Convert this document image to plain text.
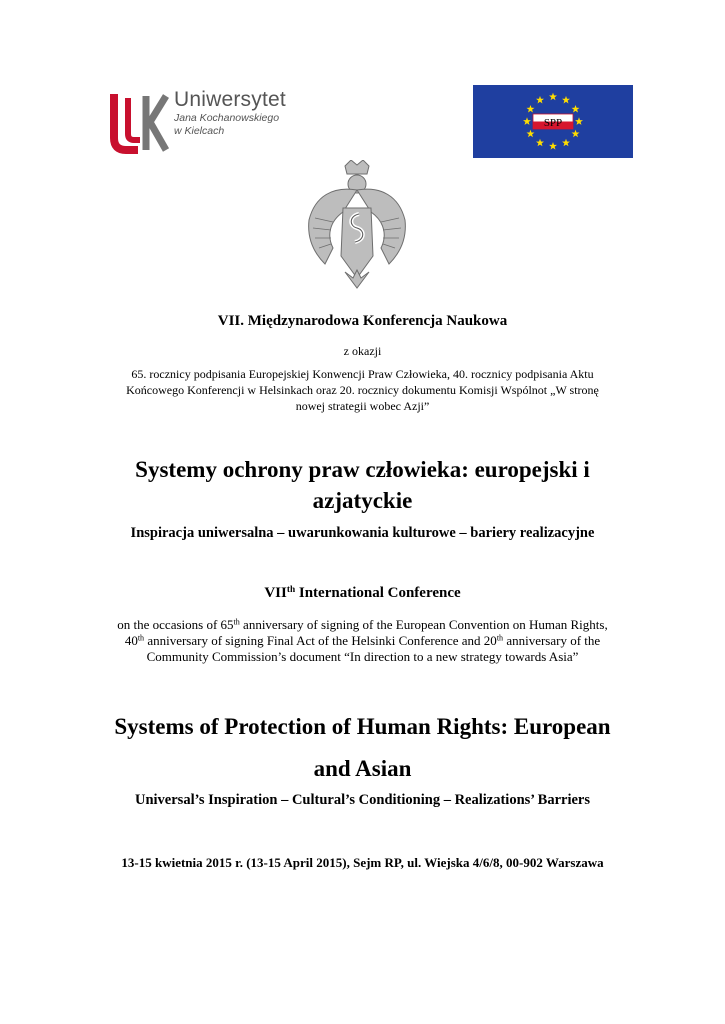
Uniwersytet
Jana Kochanowskiego
w Kielcach
SPP
VII. Międzynarodowa Konferencja Naukowa
z okazji
65. rocznicy podpisania Europejskiej Konwencji Praw Człowieka, 40. rocznicy podpisania Aktu
Końcowego Konferencji w Helsinkach oraz 20. rocznicy dokumentu Komisji Wspólnot „W stronę
nowej strategii wobec Azji”
Systemy ochrony praw człowieka: europejski i
azjatyckie
Inspiracja uniwersalna – uwarunkowania kulturowe – bariery realizacyjne
VIIth International Conference
on the occasions of 65th anniversary of signing of the European Convention on Human Rights,
40th anniversary of signing Final Act of the Helsinki Conference and 20th anniversary of the
Community Commission’s document “In direction to a new strategy towards Asia”
Systems of Protection of Human Rights: European
and Asian
Universal’s Inspiration – Cultural’s Conditioning – Realizations’ Barriers
13-15 kwietnia 2015 r. (13-15 April 2015), Sejm RP, ul. Wiejska 4/6/8, 00-902 Warszawa
